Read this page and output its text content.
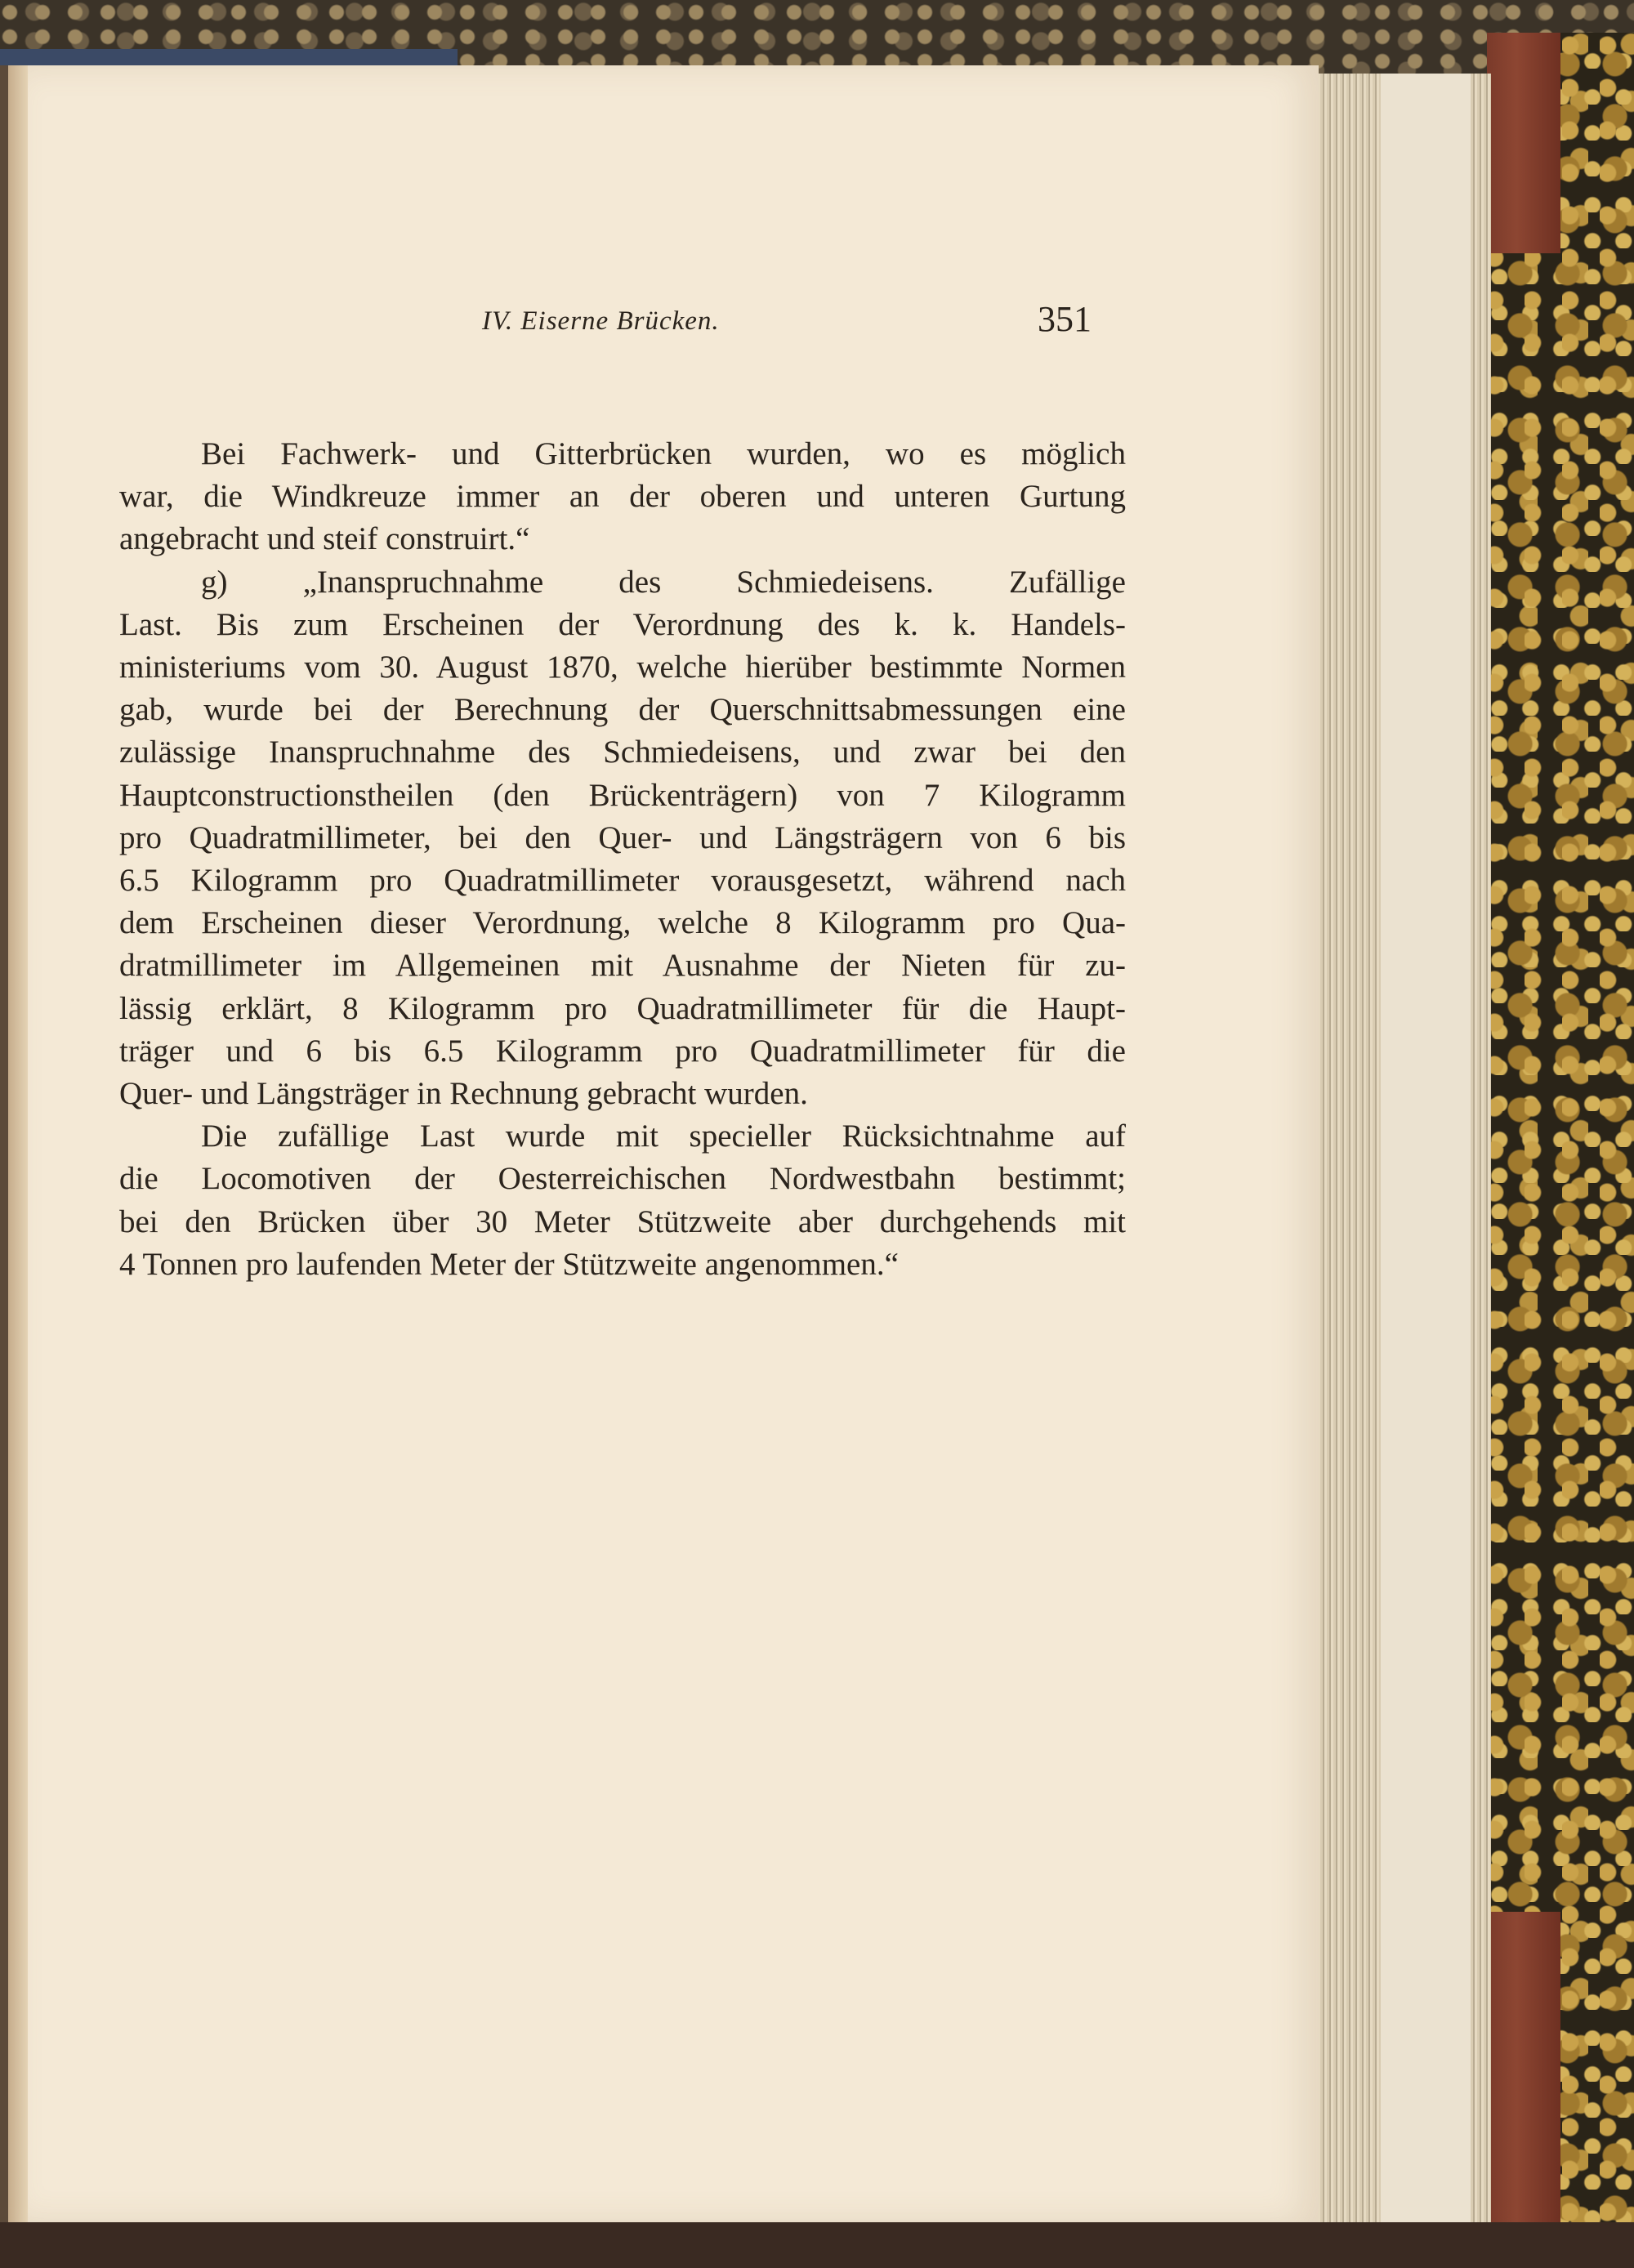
IV. Eiserne Brücken.	351

Bei Fachwerk- und Gitterbrücken wurden, wo es möglich
war, die Windkreuze immer an der oberen und unteren Gurtung
angebracht und steif construirt.“

g) „Inanspruchnahme des Schmiedeisens. Zufällige
Last. Bis zum Erscheinen der Verordnung des k. k. Handels-
ministeriums vom 30. August 1870, welche hierüber bestimmte Normen
gab, wurde bei der Berechnung der Querschnittsabmessungen eine
zulässige Inanspruchnahme des Schmiedeisens, und zwar bei den
Hauptconstructionstheilen (den Brückenträgern) von 7 Kilogramm
pro Quadratmillimeter, bei den Quer- und Längsträgern von 6 bis
6.5 Kilogramm pro Quadratmillimeter vorausgesetzt, während nach
dem Erscheinen dieser Verordnung, welche 8 Kilogramm pro Qua-
dratmillimeter im Allgemeinen mit Ausnahme der Nieten für zu-
lässig erklärt, 8 Kilogramm pro Quadratmillimeter für die Haupt-
träger und 6 bis 6.5 Kilogramm pro Quadratmillimeter für die
Quer- und Längsträger in Rechnung gebracht wurden.

Die zufällige Last wurde mit specieller Rücksichtnahme auf
die Locomotiven der Oesterreichischen Nordwestbahn bestimmt;
bei den Brücken über 30 Meter Stützweite aber durchgehends mit
4 Tonnen pro laufenden Meter der Stützweite angenommen.“
